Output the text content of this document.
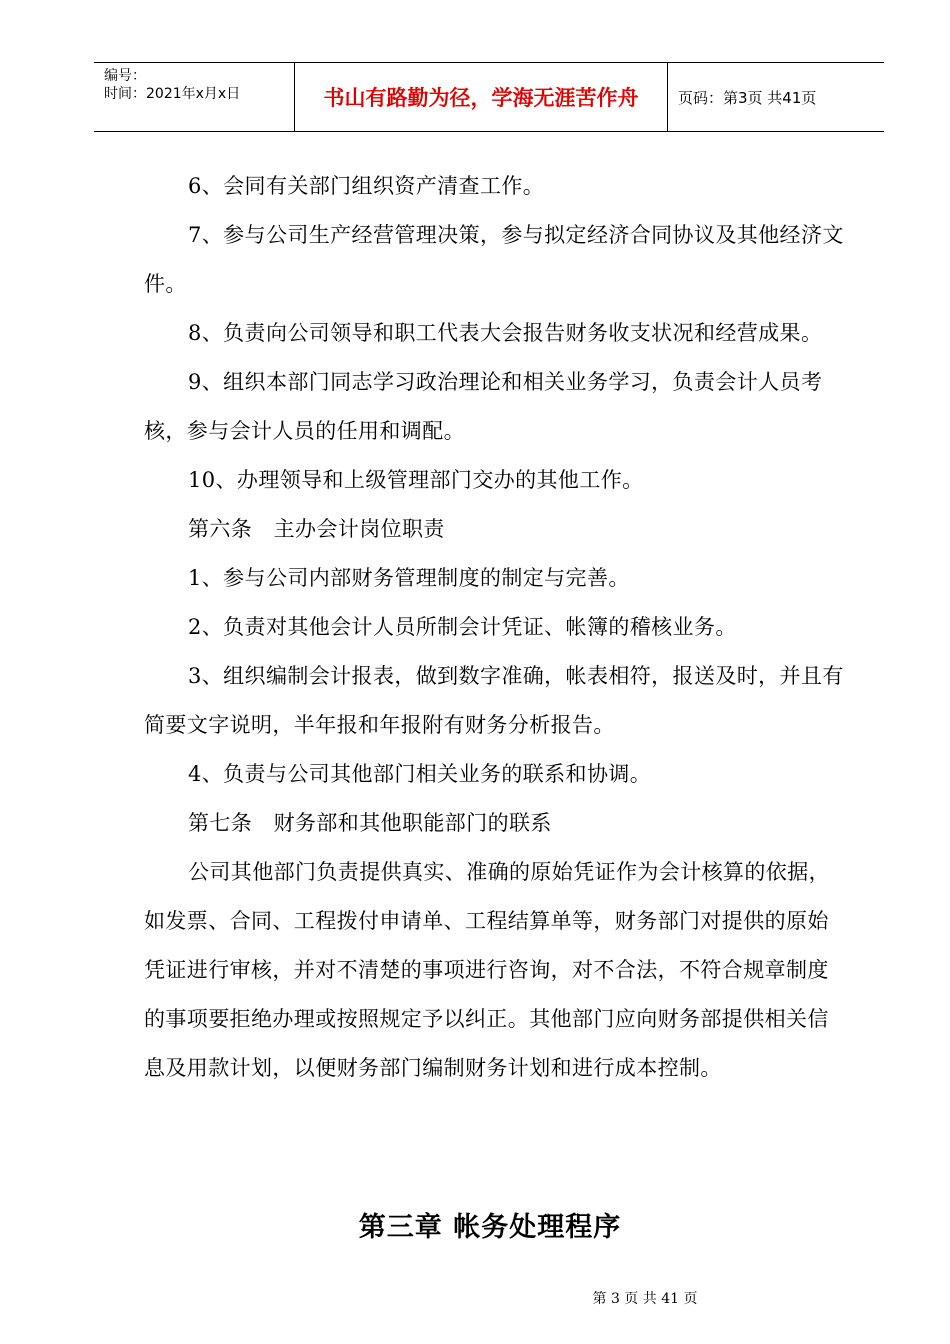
编号：
时间：2021年x月x日	书山有路勤为径，学海无涯苦作舟	页码：第3页 共41页

6、会同有关部门组织资产清查工作。

7、参与公司生产经营管理决策，参与拟定经济合同协议及其他经济文件。

8、负责向公司领导和职工代表大会报告财务收支状况和经营成果。

9、组织本部门同志学习政治理论和相关业务学习，负责会计人员考核，参与会计人员的任用和调配。

10、办理领导和上级管理部门交办的其他工作。

第六条　主办会计岗位职责

1、参与公司内部财务管理制度的制定与完善。

2、负责对其他会计人员所制会计凭证、帐簿的稽核业务。

3、组织编制会计报表，做到数字准确，帐表相符，报送及时，并且有简要文字说明，半年报和年报附有财务分析报告。

4、负责与公司其他部门相关业务的联系和协调。

第七条　财务部和其他职能部门的联系

公司其他部门负责提供真实、准确的原始凭证作为会计核算的依据，如发票、合同、工程拨付申请单、工程结算单等，财务部门对提供的原始凭证进行审核，并对不清楚的事项进行咨询，对不合法，不符合规章制度的事项要拒绝办理或按照规定予以纠正。其他部门应向财务部提供相关信息及用款计划，以便财务部门编制财务计划和进行成本控制。

第三章 帐务处理程序
第 3 页 共 41 页
